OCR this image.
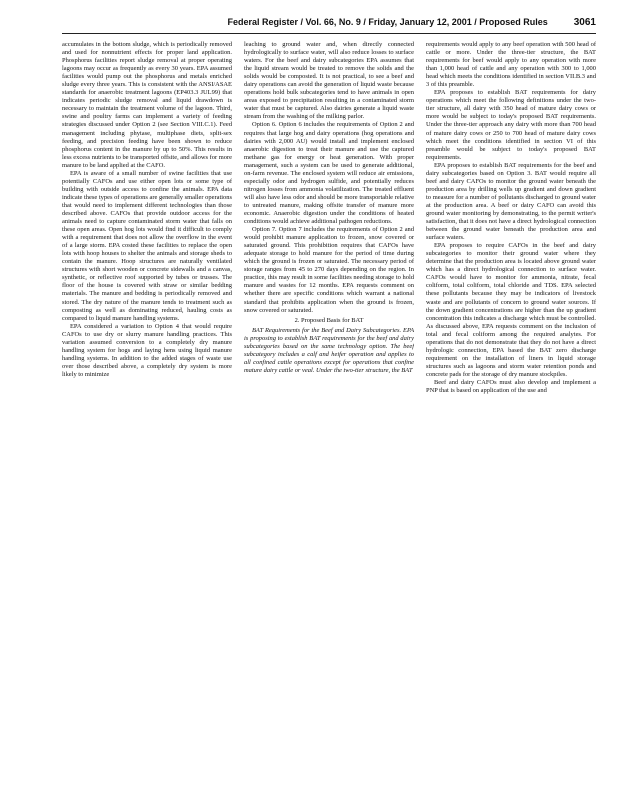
Federal Register / Vol. 66, No. 9 / Friday, January 12, 2001 / Proposed Rules	3061

accumulates in the bottom sludge, which is periodically removed and used for nonnutrient effects for proper land application. Phosphorus facilities report sludge removal at proper operating lagoons may occur as frequently as every 30 years. EPA assumed facilities would pump out the phosphorus and metals enriched sludge every three years. This is consistent with the ANSI/ASAE standards for anaerobic treatment lagoons (EP403.3 JUL99) that indicates periodic sludge removal and liquid drawdown is necessary to maintain the treatment volume of the lagoon. Third, swine and poultry farms can implement a variety of feeding strategies discussed under Option 2 (see Section VIII.C.1). Feed management including phytase, multiphase diets, split-sex feeding, and precision feeding have been shown to reduce phosphorus content in the manure by up to 50%. This results in less excess nutrients to be transported offsite, and allows for more manure to be land applied at the CAFO.

EPA is aware of a small number of swine facilities that use potentially CAFOs and use either open lots or some type of building with outside access to confine the animals. EPA data indicate these types of operations are generally smaller operations that would need to implement different technologies than those described above. CAFOs that provide outdoor access for the animals need to capture contaminated storm water that falls on these open areas. Open hog lots would find it difficult to comply with a requirement that does not allow the overflow in the event of a large storm. EPA costed these facilities to replace the open lots with hoop houses to shelter the animals and storage sheds to contain the manure. Hoop structures are naturally ventilated structures with short wooden or concrete sidewalls and a canvas, synthetic, or reflective roof supported by tubes or trusses. The floor of the house is covered with straw or similar bedding materials. The manure and bedding is periodically removed and stored. The dry nature of the manure tends to treatment such as composting as well as dominating reduced, hauling costs as compared to liquid manure handling systems.

EPA considered a variation to Option 4 that would require CAFOs to use dry or slurry manure handling practices. This variation assumed conversion to a completely dry manure handling system for hogs and laying hens using liquid manure handling systems. In addition to the added stages of waste use over those described above, a completely dry system is more likely to minimize

leaching to ground water and, when directly connected hydrologically to surface water, will also reduce losses to surface waters. For the beef and dairy subcategories EPA assumes that the liquid stream would be treated to remove the solids and the solids would be composted. It is not practical, to see a beef and dairy operations can avoid the generation of liquid waste because operations hold bulk subcategories tend to have animals in open areas exposed to precipitation resulting in a contaminated storm water that must be captured. Also dairies generate a liquid waste stream from the washing of the milking parlor.

Option 6. Option 6 includes the requirements of Option 2 and requires that large hog and dairy operations (hog operations and dairies with 2,000 AU) would install and implement enclosed anaerobic digestion to treat their manure and use the captured methane gas for energy or heat generation. With proper management, such a system can be used to generate additional, on-farm revenue. The enclosed system will reduce air emissions, especially odor and hydrogen sulfide, and potentially reduces nitrogen losses from ammonia volatilization. The treated effluent will also have less odor and should be more transportable relative to untreated manure, making offsite transfer of manure more economic. Anaerobic digestion under the conditions of heated conditions would achieve additional pathogen reductions.

Option 7. Option 7 includes the requirements of Option 2 and would prohibit manure application to frozen, snow covered or saturated ground. This prohibition requires that CAFOs have adequate storage to hold manure for the period of time during which the ground is frozen or saturated. The necessary period of storage ranges from 45 to 270 days depending on the region. In practice, this may result in some facilities needing storage to hold manure and wastes for 12 months. EPA requests comment on whether there are specific conditions which warrant a national standard that prohibits application when the ground is frozen, snow covered or saturated.

2. Proposed Basis for BAT

BAT Requirements for the Beef and Dairy Subcategories. EPA is proposing to establish BAT requirements for the beef and dairy subcategories based on the same technology option. The beef subcategory includes a calf and heifer operation and applies to all confined cattle operations except for operations that confine mature dairy cattle or veal. Under the two-tier structure, the BAT

requirements would apply to any beef operation with 500 head of cattle or more. Under the three-tier structure, the BAT requirements for beef would apply to any operation with more than 1,000 head of cattle and any operation with 300 to 1,000 head which meets the conditions identified in section VII.B.3 and 3 of this preamble.

EPA proposes to establish BAT requirements for dairy operations which meet the following definitions under the two-tier structure, all dairy with 350 head of mature dairy cows or more would be subject to today's proposed BAT requirements. Under the three-tier approach any dairy with more than 700 head of mature dairy cows or 250 to 700 head of mature dairy cows which meet the conditions identified in section VI of this preamble would be subject to today's proposed BAT requirements.

EPA proposes to establish BAT requirements for the beef and dairy subcategories based on Option 3. BAT would require all beef and dairy CAFOs to monitor the ground water beneath the production area by drilling wells up gradient and down gradient to measure for a number of pollutants discharged to ground water at the production area. A beef or dairy CAFO can avoid this ground water monitoring by demonstrating, to the permit writer's satisfaction, that it does not have a direct hydrological connection between the ground water beneath the production area and surface waters.

EPA proposes to require CAFOs in the beef and dairy subcategories to monitor their ground water where they determine that the production area is located above ground water which has a direct hydrological connection to surface water. CAFOs would have to monitor for ammonia, nitrate, fecal coliform, total coliform, total chloride and TDS. EPA selected these pollutants because they may be indicators of livestock waste and are pollutants of concern to ground water sources. If the down gradient concentrations are higher than the up gradient concentration this indicates a discharge which must be controlled. As discussed above, EPA requests comment on the inclusion of total and fecal coliform among the required analytes. For operations that do not demonstrate that they do not have a direct hydrologic connection, EPA based the BAT zero discharge requirement on the installation of liners in liquid storage structures such as lagoons and storm water retention ponds and concrete pads for the storage of dry manure stockpiles.

Beef and dairy CAFOs must also develop and implement a PNP that is based on application of the use and
